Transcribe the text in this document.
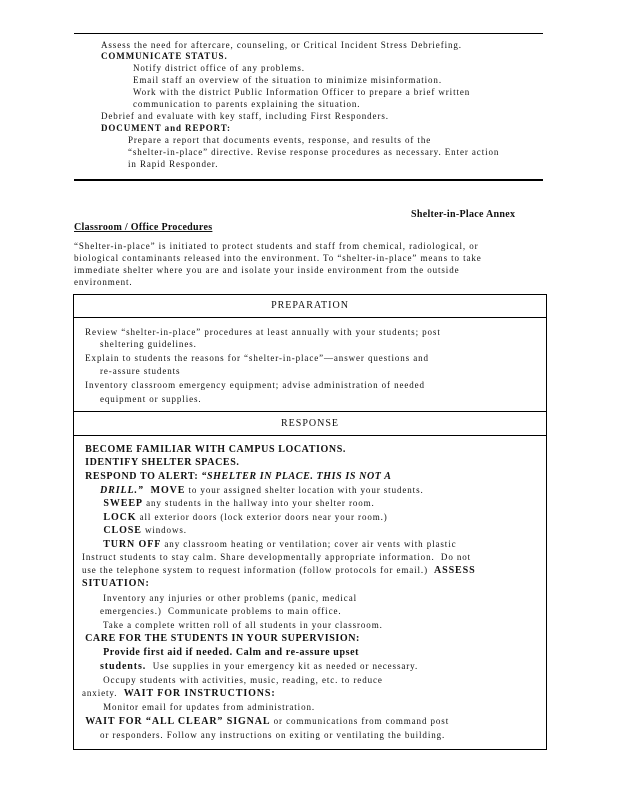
Assess the need for aftercare, counseling, or Critical Incident Stress Debriefing.
COMMUNICATE STATUS.
Notify district office of any problems.
Email staff an overview of the situation to minimize misinformation.
Work with the district Public Information Officer to prepare a brief written
communication to parents explaining the situation.
Debrief and evaluate with key staff, including First Responders.
DOCUMENT and REPORT:
Prepare a report that documents events, response, and results of the
“shelter-in-place” directive. Revise response procedures as necessary. Enter action
in Rapid Responder.
Shelter-in-Place Annex
Classroom / Office Procedures
“Shelter-in-place” is initiated to protect students and staff from chemical, radiological, or
biological contaminants released into the environment. To “shelter-in-place” means to take
immediate shelter where you are and isolate your inside environment from the outside
environment.
PREPARATION
RESPONSE
Review “shelter-in-place” procedures at least annually with your students; post
sheltering guidelines.
Explain to students the reasons for “shelter-in-place”—answer questions and
re-assure students
Inventory classroom emergency equipment; advise administration of needed
equipment or supplies.
BECOME FAMILIAR WITH CAMPUS LOCATIONS.
IDENTIFY SHELTER SPACES.
RESPOND TO ALERT: “SHELTER IN PLACE. THIS IS NOT A
DRILL.”  MOVE to your assigned shelter location with your students.
SWEEP any students in the hallway into your shelter room.
LOCK all exterior doors (lock exterior doors near your room.)
CLOSE windows.
TURN OFF any classroom heating or ventilation; cover air vents with plastic
Instruct students to stay calm. Share developmentally appropriate information.  Do not
use the telephone system to request information (follow protocols for email.)  ASSESS
SITUATION:
Inventory any injuries or other problems (panic, medical
emergencies.)  Communicate problems to main office.
Take a complete written roll of all students in your classroom.
CARE FOR THE STUDENTS IN YOUR SUPERVISION:
Provide first aid if needed. Calm and re-assure upset
students.  Use supplies in your emergency kit as needed or necessary.
Occupy students with activities, music, reading, etc. to reduce
anxiety.  WAIT FOR INSTRUCTIONS:
Monitor email for updates from administration.
WAIT FOR “ALL CLEAR” SIGNAL or communications from command post
or responders. Follow any instructions on exiting or ventilating the building.
